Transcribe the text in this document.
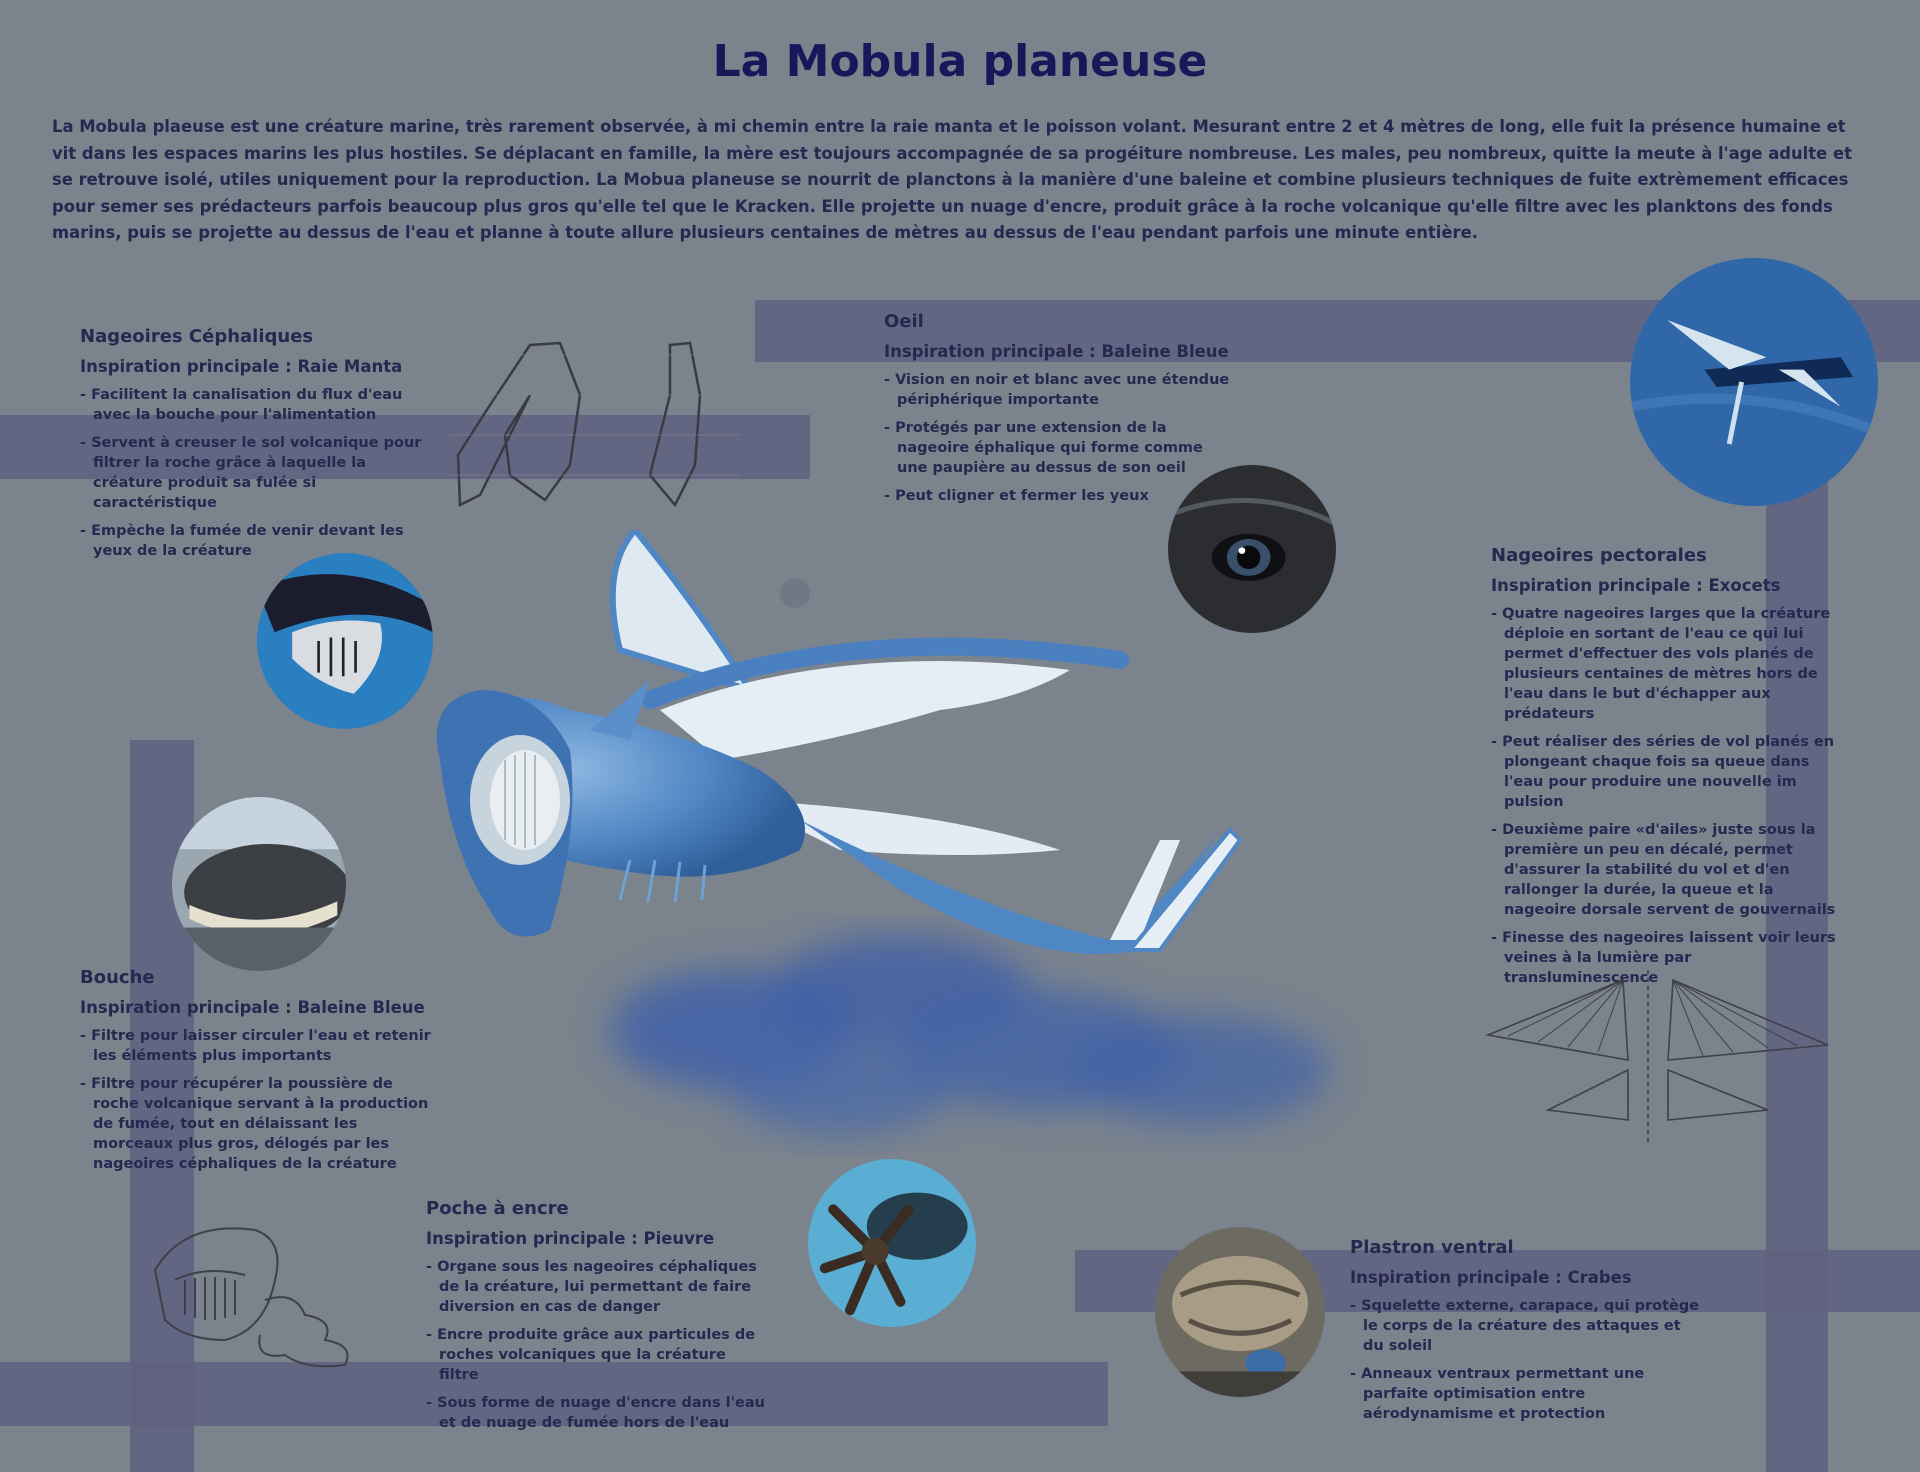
La Mobula planeuse

La Mobula plaeuse est une créature marine, très rarement observée, à mi chemin entre la raie manta et le poisson volant. Mesurant entre 2 et 4 mètres de long, elle fuit la présence humaine et vit dans les espaces marins les plus hostiles. Se déplacant en famille, la mère est toujours accompagnée de sa progéiture nombreuse. Les males, peu nombreux, quitte la meute à l'age adulte et se retrouve isolé, utiles uniquement pour la reproduction. La Mobua planeuse se nourrit de planctons à la manière d'une baleine et combine plusieurs techniques de fuite extrèmement efficaces pour semer ses prédacteurs parfois beaucoup plus gros qu'elle tel que le Kracken. Elle projette un nuage d'encre, produit grâce à la roche volcanique qu'elle filtre avec les planktons des fonds marins, puis se projette au dessus de l'eau et planne à toute allure plusieurs centaines de mètres au dessus de l'eau pendant parfois une minute entière.

Nageoires Céphaliques
Inspiration principale : Raie Manta
- Facilitent la canalisation du flux d'eau avec la bouche pour l'alimentation
- Servent à creuser le sol volcanique pour filtrer la roche grâce à laquelle la créature produit sa fulée si caractéristique
- Empèche la fumée de venir devant les yeux de la créature
Oeil
Inspiration principale : Baleine Bleue
- Vision en noir et blanc avec une étendue périphérique importante
- Protégés par une extension de la nageoire éphalique qui forme comme une paupière au dessus de son oeil
- Peut cligner et fermer les yeux
Nageoires pectorales
Inspiration principale : Exocets
- Quatre nageoires larges que la créature déploie en sortant de l'eau ce qui lui permet d'effectuer des vols planés de plusieurs centaines de mètres hors de l'eau dans le but d'échapper aux prédateurs
- Peut réaliser des séries de vol planés en plongeant chaque fois sa queue dans l'eau pour produire une nouvelle im pulsion
- Deuxième paire «d'ailes» juste sous la première un peu en décalé, permet d'assurer la stabilité du vol et d'en rallonger la durée, la queue et la nageoire dorsale servent de gouvernails
- Finesse des nageoires laissent voir leurs veines à la lumière par transluminescence
Bouche
Inspiration principale : Baleine Bleue
- Filtre pour laisser circuler l'eau et retenir les éléments plus importants
- Filtre pour récupérer la poussière de roche volcanique servant à la production de fumée, tout en délaissant les morceaux plus gros, délogés par les nageoires céphaliques de la créature
Poche à encre
Inspiration principale : Pieuvre
- Organe sous les nageoires céphaliques de la créature, lui permettant de faire diversion en cas de danger
- Encre produite grâce aux particules de roches volcaniques que la créature filtre
- Sous forme de nuage d'encre dans l'eau et de nuage de fumée hors de l'eau
Plastron ventral
Inspiration principale : Crabes
- Squelette externe, carapace, qui protège le corps de la créature des attaques et du soleil
- Anneaux ventraux permettant une parfaite optimisation entre aérodynamisme et protection
